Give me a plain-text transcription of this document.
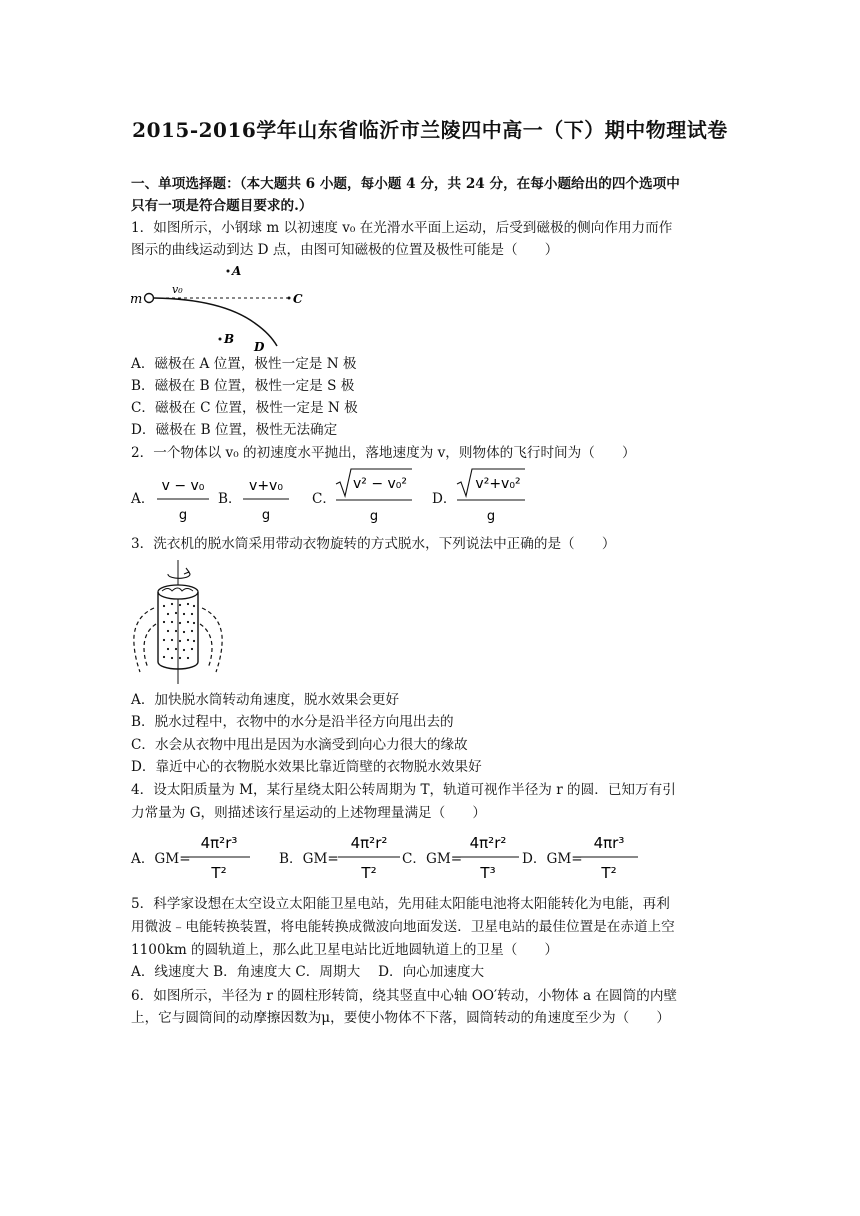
2015-2016学年山东省临沂市兰陵四中高一（下）期中物理试卷
一、单项选择题：（本大题共 6 小题，每小题 4 分，共 24 分，在每小题给出的四个选项中
只有一项是符合题目要求的.）
1．如图所示，小钢球 m 以初速度 v₀ 在光滑水平面上运动，后受到磁极的侧向作用力而作
图示的曲线运动到达 D 点，由图可知磁极的位置及极性可能是（　　）
m
v₀
A
B
C
D
A．磁极在 A 位置，极性一定是 N 极
B．磁极在 B 位置，极性一定是 S 极
C．磁极在 C 位置，极性一定是 N 极
D．磁极在 B 位置，极性无法确定
2．一个物体以 v₀ 的初速度水平抛出，落地速度为 v，则物体的飞行时间为（　　）
A．
v − v₀
g
B．
v+v₀
g
C．
v² − v₀²
g
D．
v²+v₀²
g
3．洗衣机的脱水筒采用带动衣物旋转的方式脱水，下列说法中正确的是（　　）
A．加快脱水筒转动角速度，脱水效果会更好
B．脱水过程中，衣物中的水分是沿半径方向甩出去的
C．水会从衣物中甩出是因为水滴受到向心力很大的缘故
D．靠近中心的衣物脱水效果比靠近筒壁的衣物脱水效果好
4．设太阳质量为 M，某行星绕太阳公转周期为 T，轨道可视作半径为 r 的圆．已知万有引
力常量为 G，则描述该行星运动的上述物理量满足（　　）
A．GM=
4π²r³
T²
B．GM=
4π²r²
T²
C．GM=
4π²r²
T³
D．GM=
4πr³
T²
5．科学家设想在太空设立太阳能卫星电站，先用硅太阳能电池将太阳能转化为电能，再利
用微波﹣电能转换装置，将电能转换成微波向地面发送．卫星电站的最佳位置是在赤道上空
1100km 的圆轨道上，那么此卫星电站比近地圆轨道上的卫星（　　）
A．线速度大 B．角速度大 C．周期大　 D．向心加速度大
6．如图所示，半径为 r 的圆柱形转筒，绕其竖直中心轴 OO′转动，小物体 a 在圆筒的内壁
上，它与圆筒间的动摩擦因数为μ，要使小物体不下落，圆筒转动的角速度至少为（　　）
